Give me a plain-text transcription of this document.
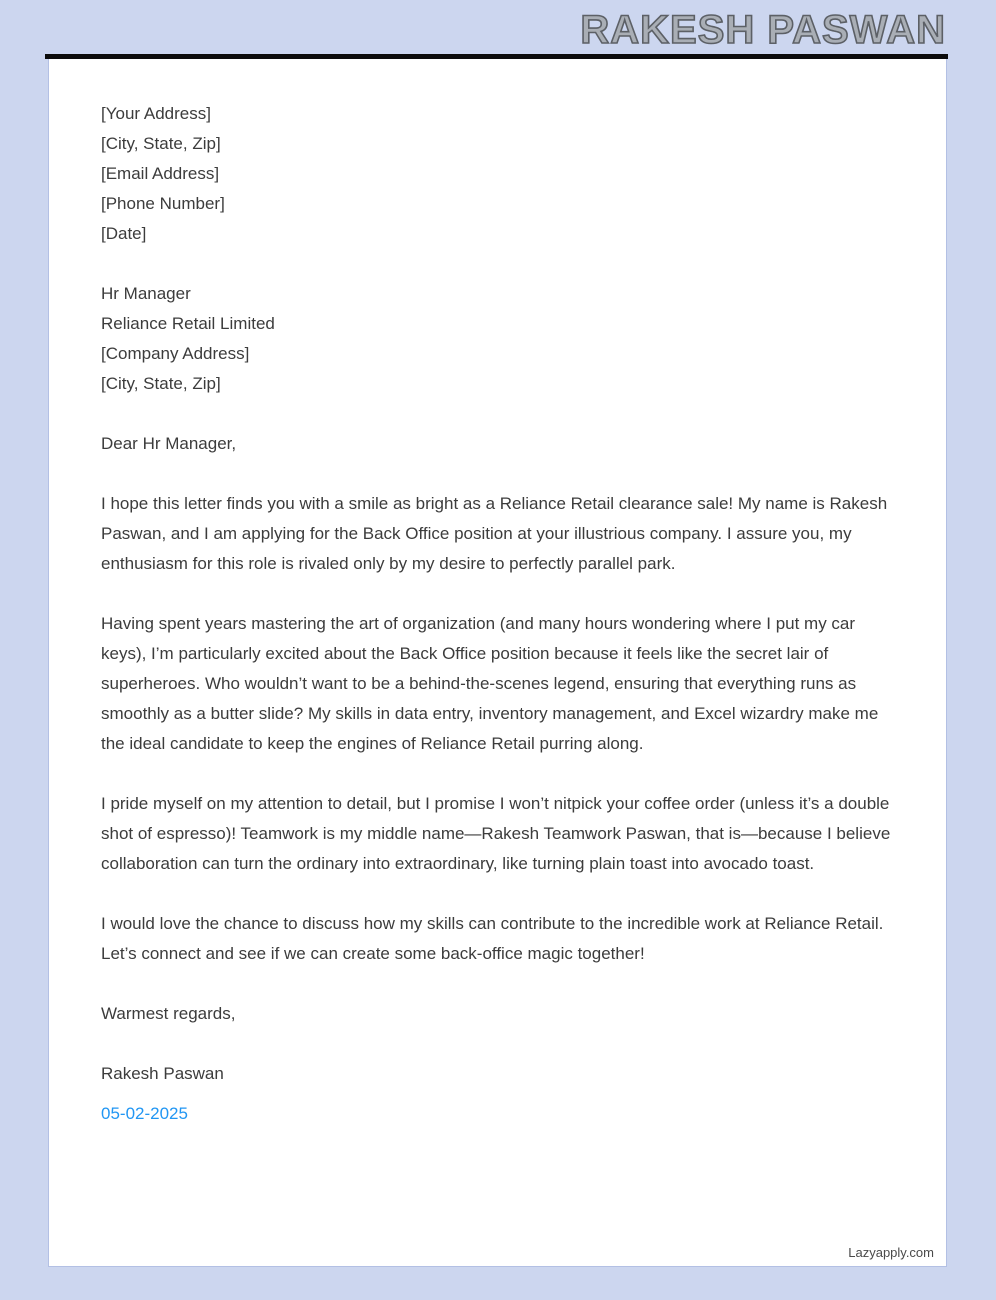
RAKESH PASWAN
[Your Address]
[City, State, Zip]
[Email Address]
[Phone Number]
[Date]
Hr Manager
Reliance Retail Limited
[Company Address]
[City, State, Zip]
Dear Hr Manager,

I hope this letter finds you with a smile as bright as a Reliance Retail clearance sale! My name is Rakesh Paswan, and I am applying for the Back Office position at your illustrious company. I assure you, my enthusiasm for this role is rivaled only by my desire to perfectly parallel park.

Having spent years mastering the art of organization (and many hours wondering where I put my car keys), I’m particularly excited about the Back Office position because it feels like the secret lair of superheroes. Who wouldn’t want to be a behind-the-scenes legend, ensuring that everything runs as smoothly as a butter slide? My skills in data entry, inventory management, and Excel wizardry make me the ideal candidate to keep the engines of Reliance Retail purring along.

I pride myself on my attention to detail, but I promise I won’t nitpick your coffee order (unless it’s a double shot of espresso)! Teamwork is my middle name—Rakesh Teamwork Paswan, that is—because I believe collaboration can turn the ordinary into extraordinary, like turning plain toast into avocado toast.

I would love the chance to discuss how my skills can contribute to the incredible work at Reliance Retail. Let’s connect and see if we can create some back-office magic together!

Warmest regards,
Rakesh Paswan
05-02-2025
Lazyapply.com
